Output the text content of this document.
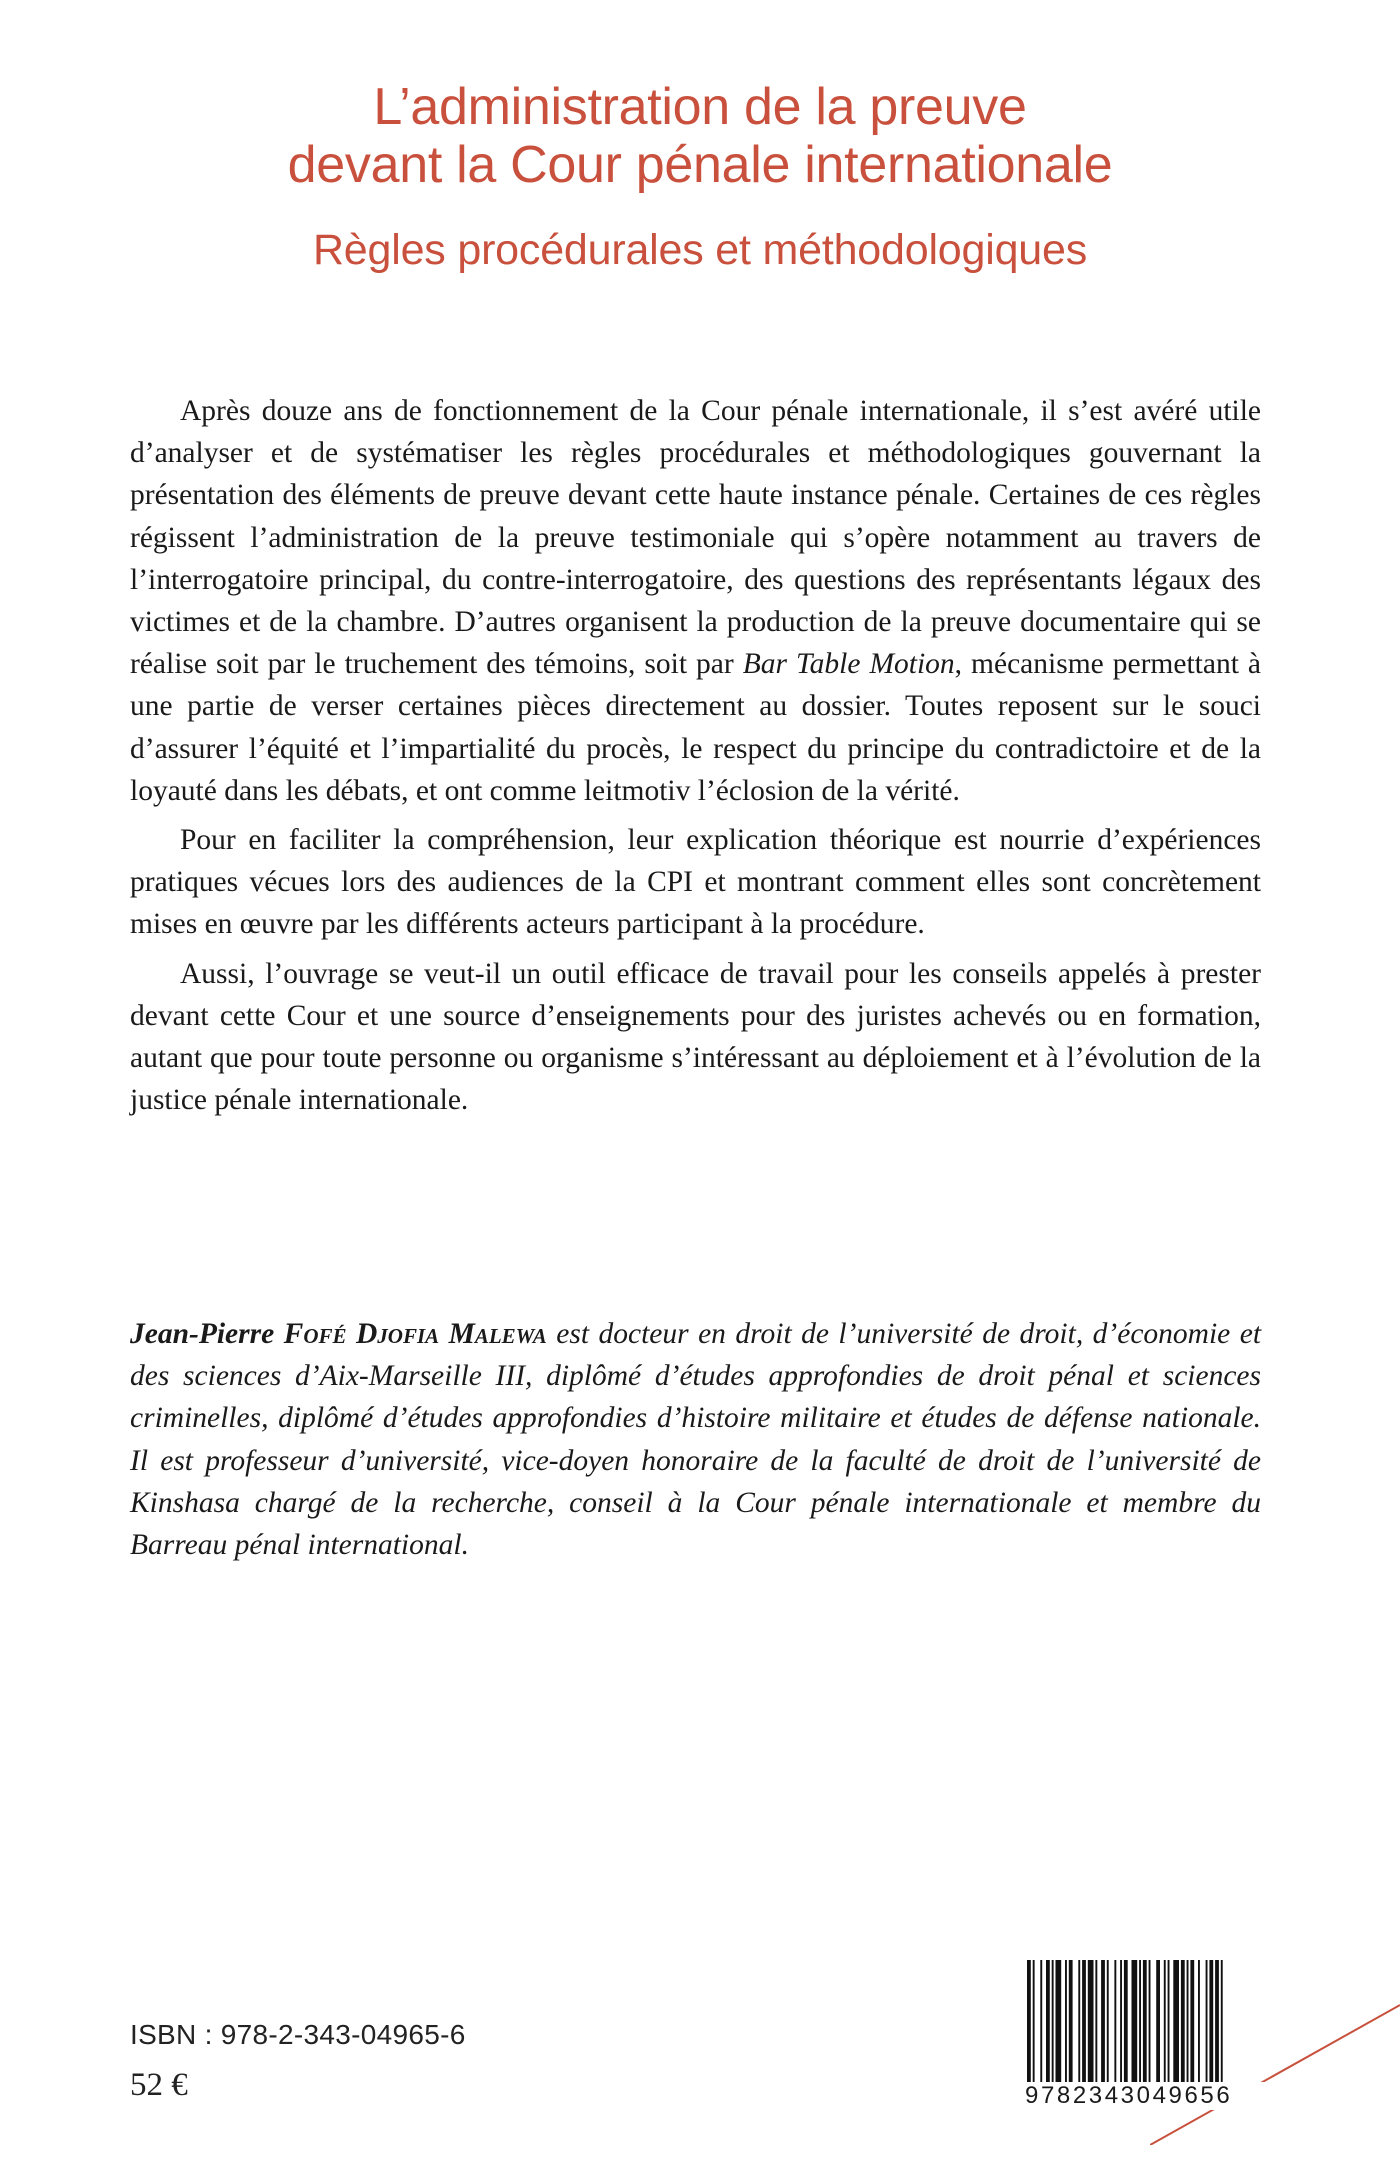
L’administration de la preuve
devant la Cour pénale internationale
Règles procédurales et méthodologiques

Après douze ans de fonctionnement de la Cour pénale internationale, il s’est avéré utile d’analyser et de systématiser les règles procédurales et méthodologiques gouvernant la présentation des éléments de preuve devant cette haute instance pénale. Certaines de ces règles régissent l’administration de la preuve testimoniale qui s’opère notamment au travers de l’interrogatoire principal, du contre-interrogatoire, des questions des représentants légaux des victimes et de la chambre. D’autres organisent la production de la preuve documentaire qui se réalise soit par le truchement des témoins, soit par Bar Table Motion, mécanisme permettant à une partie de verser certaines pièces directement au dossier. Toutes reposent sur le souci d’assurer l’équité et l’impartialité du procès, le respect du principe du contradictoire et de la loyauté dans les débats, et ont comme leitmotiv l’éclosion de la vérité.

Pour en faciliter la compréhension, leur explication théorique est nourrie d’expériences pratiques vécues lors des audiences de la CPI et montrant comment elles sont concrètement mises en œuvre par les différents acteurs participant à la procédure.

Aussi, l’ouvrage se veut-il un outil efficace de travail pour les conseils appelés à prester devant cette Cour et une source d’enseignements pour des juristes achevés ou en formation, autant que pour toute personne ou organisme s’intéressant au déploiement et à l’évolution de la justice pénale internationale.

Jean-Pierre Fofé Djofia Malewa est docteur en droit de l’université de droit, d’économie et des sciences d’Aix-Marseille III, diplômé d’études approfondies de droit pénal et sciences criminelles, diplômé d’études approfondies d’histoire militaire et études de défense nationale. Il est professeur d’université, vice-doyen honoraire de la faculté de droit de l’université de Kinshasa chargé de la recherche, conseil à la Cour pénale internationale et membre du Barreau pénal international.
ISBN : 978-2-343-04965-6
52 €	9782343049656
